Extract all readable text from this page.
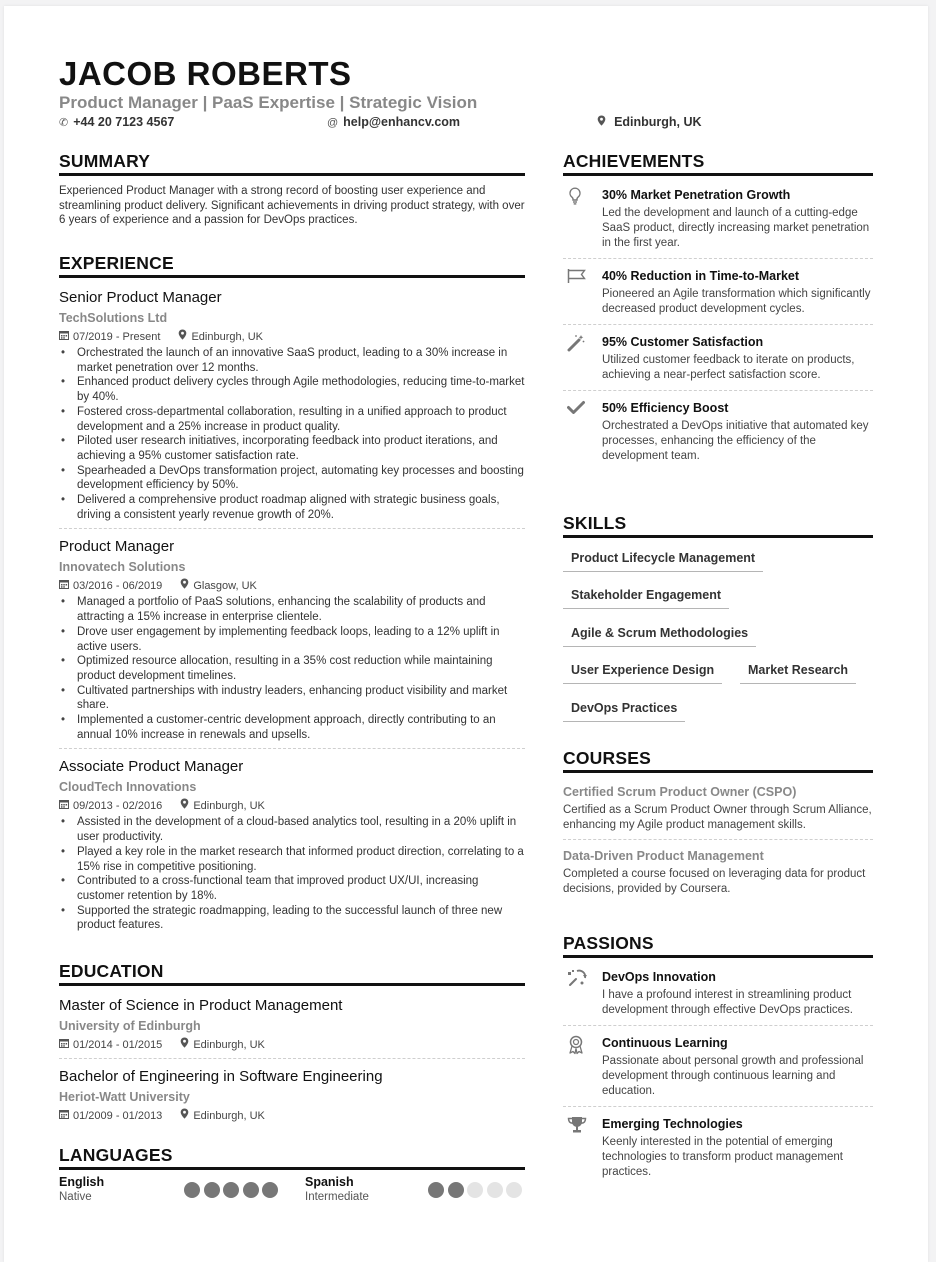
JACOB ROBERTS
Product Manager | PaaS Expertise | Strategic Vision
✆ +44 20 7123 4567	@ help@enhancv.com	Edinburgh, UK
SUMMARY
Experienced Product Manager with a strong record of boosting user experience and streamlining product delivery. Significant achievements in driving product strategy, with over 6 years of experience and a passion for DevOps practices.
EXPERIENCE
Senior Product Manager
TechSolutions Ltd
07/2019 - Present	Edinburgh, UK
• Orchestrated the launch of an innovative SaaS product, leading to a 30% increase in market penetration over 12 months.
• Enhanced product delivery cycles through Agile methodologies, reducing time-to-market by 40%.
• Fostered cross-departmental collaboration, resulting in a unified approach to product development and a 25% increase in product quality.
• Piloted user research initiatives, incorporating feedback into product iterations, and achieving a 95% customer satisfaction rate.
• Spearheaded a DevOps transformation project, automating key processes and boosting development efficiency by 50%.
• Delivered a comprehensive product roadmap aligned with strategic business goals, driving a consistent yearly revenue growth of 20%.
Product Manager
Innovatech Solutions
03/2016 - 06/2019	Glasgow, UK
• Managed a portfolio of PaaS solutions, enhancing the scalability of products and attracting a 15% increase in enterprise clientele.
• Drove user engagement by implementing feedback loops, leading to a 12% uplift in active users.
• Optimized resource allocation, resulting in a 35% cost reduction while maintaining product development timelines.
• Cultivated partnerships with industry leaders, enhancing product visibility and market share.
• Implemented a customer-centric development approach, directly contributing to an annual 10% increase in renewals and upsells.
Associate Product Manager
CloudTech Innovations
09/2013 - 02/2016	Edinburgh, UK
• Assisted in the development of a cloud-based analytics tool, resulting in a 20% uplift in user productivity.
• Played a key role in the market research that informed product direction, correlating to a 15% rise in competitive positioning.
• Contributed to a cross-functional team that improved product UX/UI, increasing customer retention by 18%.
• Supported the strategic roadmapping, leading to the successful launch of three new product features.
EDUCATION
Master of Science in Product Management
University of Edinburgh
01/2014 - 01/2015	Edinburgh, UK
Bachelor of Engineering in Software Engineering
Heriot-Watt University
01/2009 - 01/2013	Edinburgh, UK
LANGUAGES
English
Native
Spanish
Intermediate
ACHIEVEMENTS
30% Market Penetration Growth
Led the development and launch of a cutting-edge SaaS product, directly increasing market penetration in the first year.
40% Reduction in Time-to-Market
Pioneered an Agile transformation which significantly decreased product development cycles.
95% Customer Satisfaction
Utilized customer feedback to iterate on products, achieving a near-perfect satisfaction score.
50% Efficiency Boost
Orchestrated a DevOps initiative that automated key processes, enhancing the efficiency of the development team.
SKILLS
Product Lifecycle Management
Stakeholder Engagement
Agile & Scrum Methodologies
User Experience Design	Market Research
DevOps Practices
COURSES
Certified Scrum Product Owner (CSPO)
Certified as a Scrum Product Owner through Scrum Alliance, enhancing my Agile product management skills.
Data-Driven Product Management
Completed a course focused on leveraging data for product decisions, provided by Coursera.
PASSIONS
DevOps Innovation
I have a profound interest in streamlining product development through effective DevOps practices.
Continuous Learning
Passionate about personal growth and professional development through continuous learning and education.
Emerging Technologies
Keenly interested in the potential of emerging technologies to transform product management practices.
